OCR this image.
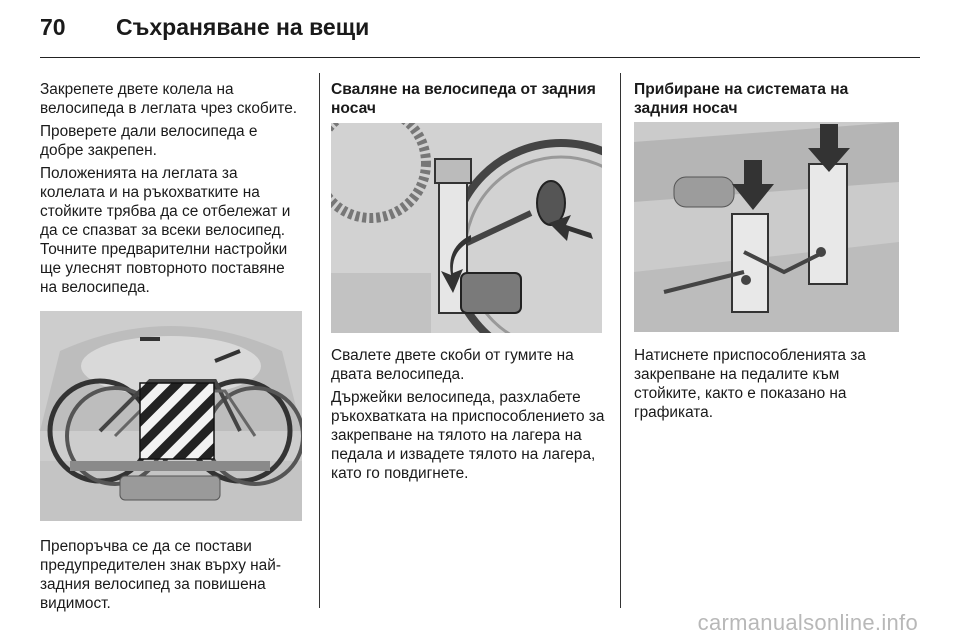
70	Съхраняване на вещи

Закрепете двете колела на велосипеда в леглата чрез скобите.

Проверете дали велосипеда е добре закрепен.

Положенията на леглата за колелата и на ръкохватките на стойките трябва да се отбележат и да се спазват за всеки велосипед. Точните предварителни настройки ще улеснят повторното поставяне на велосипеда.

Препоръчва се да се постави предупредителен знак върху най-задния велосипед за повишена видимост.

Сваляне на велосипеда от задния носач

Свалете двете скоби от гумите на двата велосипеда.

Държейки велосипеда, разхлабете ръкохватката на приспособлението за закрепване на тялото на лагера на педала и извадете тялото на лагера, като го повдигнете.

Прибиране на системата на задния носач

Натиснете приспособленията за закрепване на педалите към стойките, както е показано на графиката.
carmanualsonline.info
